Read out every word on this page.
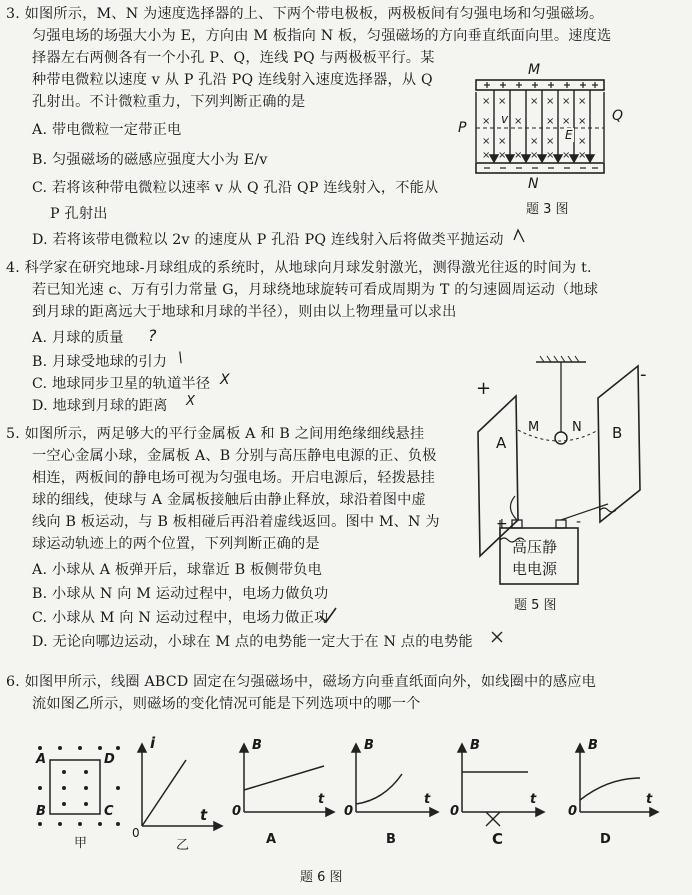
3. 如图所示，M、N 为速度选择器的上、下两个带电极板，两极板间有匀强电场和匀强磁场。
匀强电场的场强大小为 E，方向由 M 板指向 N 板，匀强磁场的方向垂直纸面向里。速度选
择器左右两侧各有一个小孔 P、Q，连线 PQ 与两极板平行。某
种带电微粒以速度 v 从 P 孔沿 PQ 连线射入速度选择器，从 Q
孔射出。不计微粒重力，下列判断正确的是
A. 带电微粒一定带正电
B. 匀强磁场的磁感应强度大小为 E/v
C. 若将该种带电微粒以速率 v 从 Q 孔沿 QP 连线射入，不能从
P 孔射出
D. 若将该带电微粒以 2v 的速度从 P 孔沿 PQ 连线射入后将做类平抛运动
× × × × × ×
× × × × ×
× × × × ×
× × × × × × ×
M
N
P
Q
v
E
题 3 图
4. 科学家在研究地球-月球组成的系统时，从地球向月球发射激光，测得激光往返的时间为 t.
若已知光速 c、万有引力常量 G，月球绕地球旋转可看成周期为 T 的匀速圆周运动（地球
到月球的距离远大于地球和月球的半径），则由以上物理量可以求出
A. 月球的质量
B. 月球受地球的引力
C. 地球同步卫星的轨道半径
D. 地球到月球的距离
?
\
X
X
5. 如图所示，两足够大的平行金属板 A 和 B 之间用绝缘细线悬挂
一空心金属小球，金属板 A、B 分别与高压静电电源的正、负极
相连，两板间的静电场可视为匀强电场。开启电源后，轻拨悬挂
球的细线，使球与 A 金属板接触后由静止释放，球沿着图中虚
线向 B 板运动，与 B 板相碰后再沿着虚线返回。图中 M、N 为
球运动轨迹上的两个位置，下列判断正确的是
A. 小球从 A 板弹开后，球靠近 B 板侧带负电
B. 小球从 N 向 M 运动过程中，电场力做负功
C. 小球从 M 向 N 运动过程中，电场力做正功
D. 无论向哪边运动，小球在 M 点的电势能一定大于在 N 点的电势能
+
-
A
B
M	N
+	-
高压静
电电源
题 5 图
6. 如图甲所示，线圈 ABCD 固定在匀强磁场中，磁场方向垂直纸面向外，如线圈中的感应电
流如图乙所示，则磁场的变化情况可能是下列选项中的哪一个
A	D
B	C
甲
i
t
0
乙
B
t
0
A
B
t
0
B
B
t
0
C
B
t
0
D
题 6 图
